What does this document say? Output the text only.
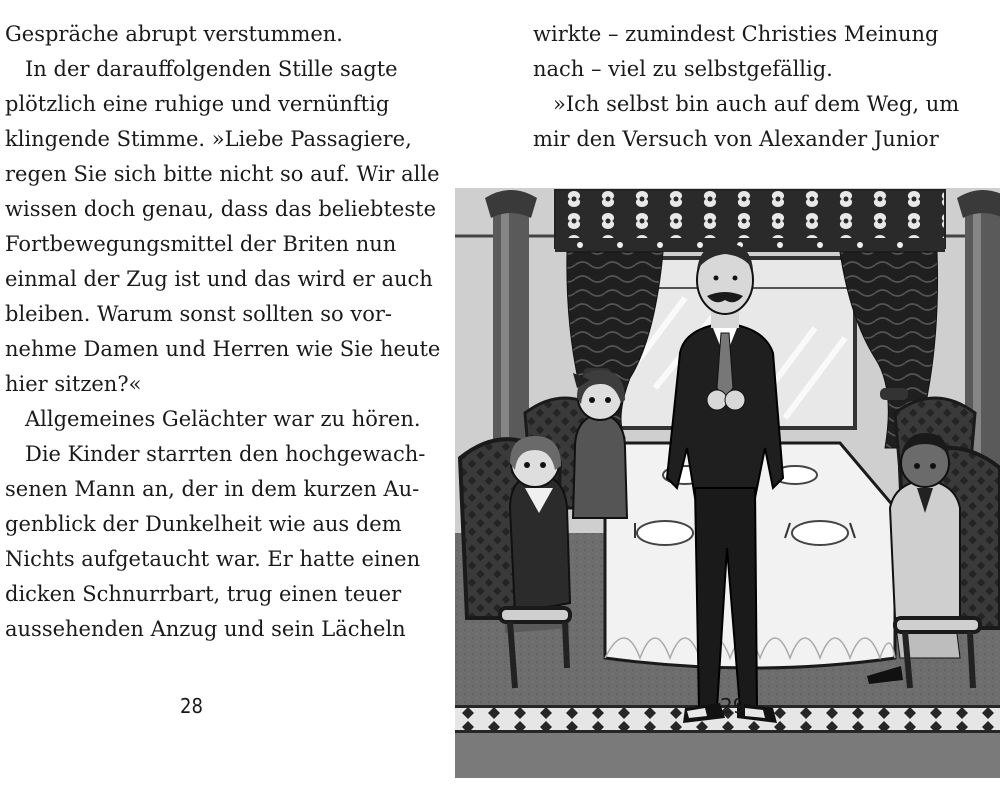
Gespräche abrupt verstummen.
In der darauffolgenden Stille sagte
plötzlich eine ruhige und vernünftig
klingende Stimme. »Liebe Passagiere,
regen Sie sich bitte nicht so auf. Wir alle
wissen doch genau, dass das beliebteste
Fortbewegungsmittel der Briten nun
einmal der Zug ist und das wird er auch
bleiben. Warum sonst sollten so vor-
nehme Damen und Herren wie Sie heute
hier sitzen?«
Allgemeines Gelächter war zu hören.
Die Kinder starrten den hochgewach-
senen Mann an, der in dem kurzen Au-
genblick der Dunkelheit wie aus dem
Nichts aufgetaucht war. Er hatte einen
dicken Schnurrbart, trug einen teuer
aussehenden Anzug und sein Lächeln
28
wirkte – zumindest Christies Meinung
nach – viel zu selbstgefällig.
»Ich selbst bin auch auf dem Weg, um
mir den Versuch von Alexander Junior
29
